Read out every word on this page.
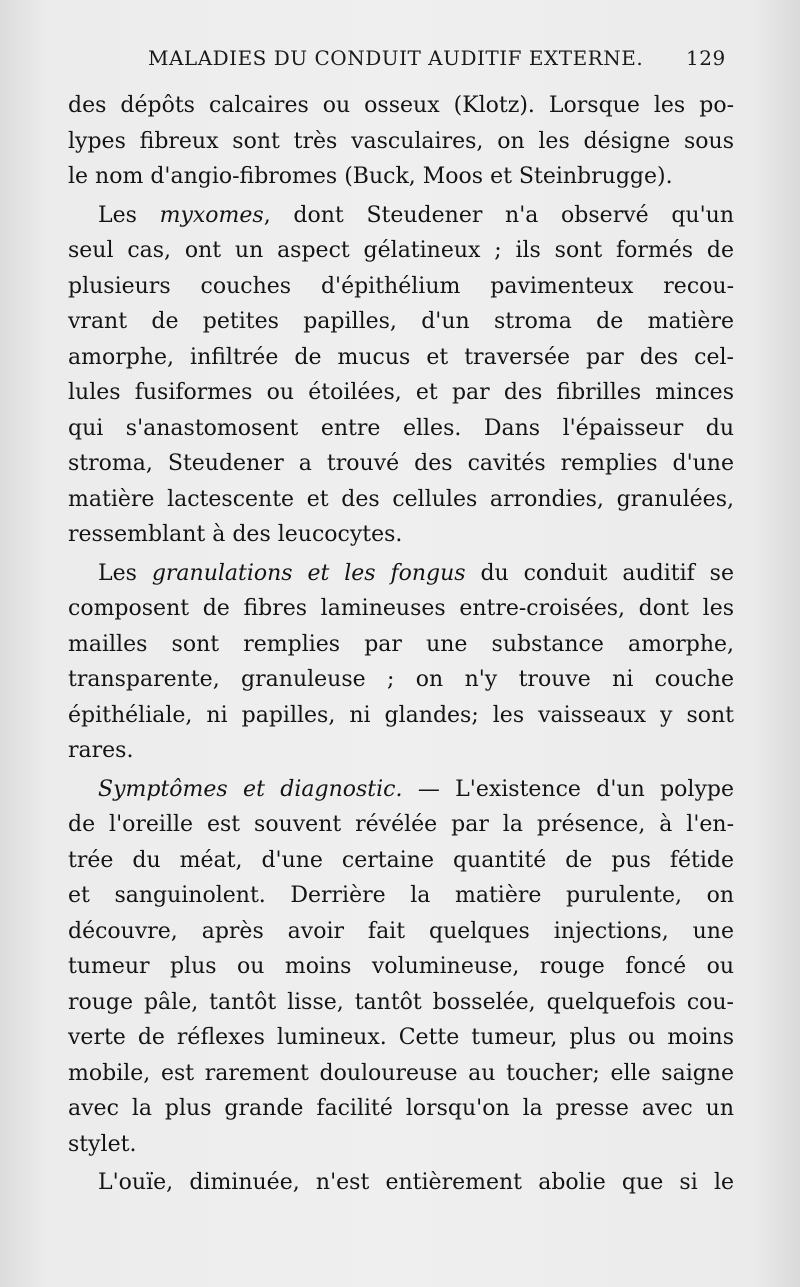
MALADIES DU CONDUIT AUDITIF EXTERNE. 129
des dépôts calcaires ou osseux (Klotz). Lorsque les po-
lypes fibreux sont très vasculaires, on les désigne sous
le nom d'angio-fibromes (Buck, Moos et Steinbrugge).
Les myxomes, dont Steudener n'a observé qu'un
seul cas, ont un aspect gélatineux ; ils sont formés de
plusieurs couches d'épithélium pavimenteux recou-
vrant de petites papilles, d'un stroma de matière
amorphe, infiltrée de mucus et traversée par des cel-
lules fusiformes ou étoilées, et par des fibrilles minces
qui s'anastomosent entre elles. Dans l'épaisseur du
stroma, Steudener a trouvé des cavités remplies d'une
matière lactescente et des cellules arrondies, granulées,
ressemblant à des leucocytes.
Les granulations et les fongus du conduit auditif se
composent de fibres lamineuses entre-croisées, dont les
mailles sont remplies par une substance amorphe,
transparente, granuleuse ; on n'y trouve ni couche
épithéliale, ni papilles, ni glandes; les vaisseaux y sont
rares.
Symptômes et diagnostic. — L'existence d'un polype
de l'oreille est souvent révélée par la présence, à l'en-
trée du méat, d'une certaine quantité de pus fétide
et sanguinolent. Derrière la matière purulente, on
découvre, après avoir fait quelques injections, une
tumeur plus ou moins volumineuse, rouge foncé ou
rouge pâle, tantôt lisse, tantôt bosselée, quelquefois cou-
verte de réflexes lumineux. Cette tumeur, plus ou moins
mobile, est rarement douloureuse au toucher; elle saigne
avec la plus grande facilité lorsqu'on la presse avec un
stylet.
L'ouïe, diminuée, n'est entièrement abolie que si le
